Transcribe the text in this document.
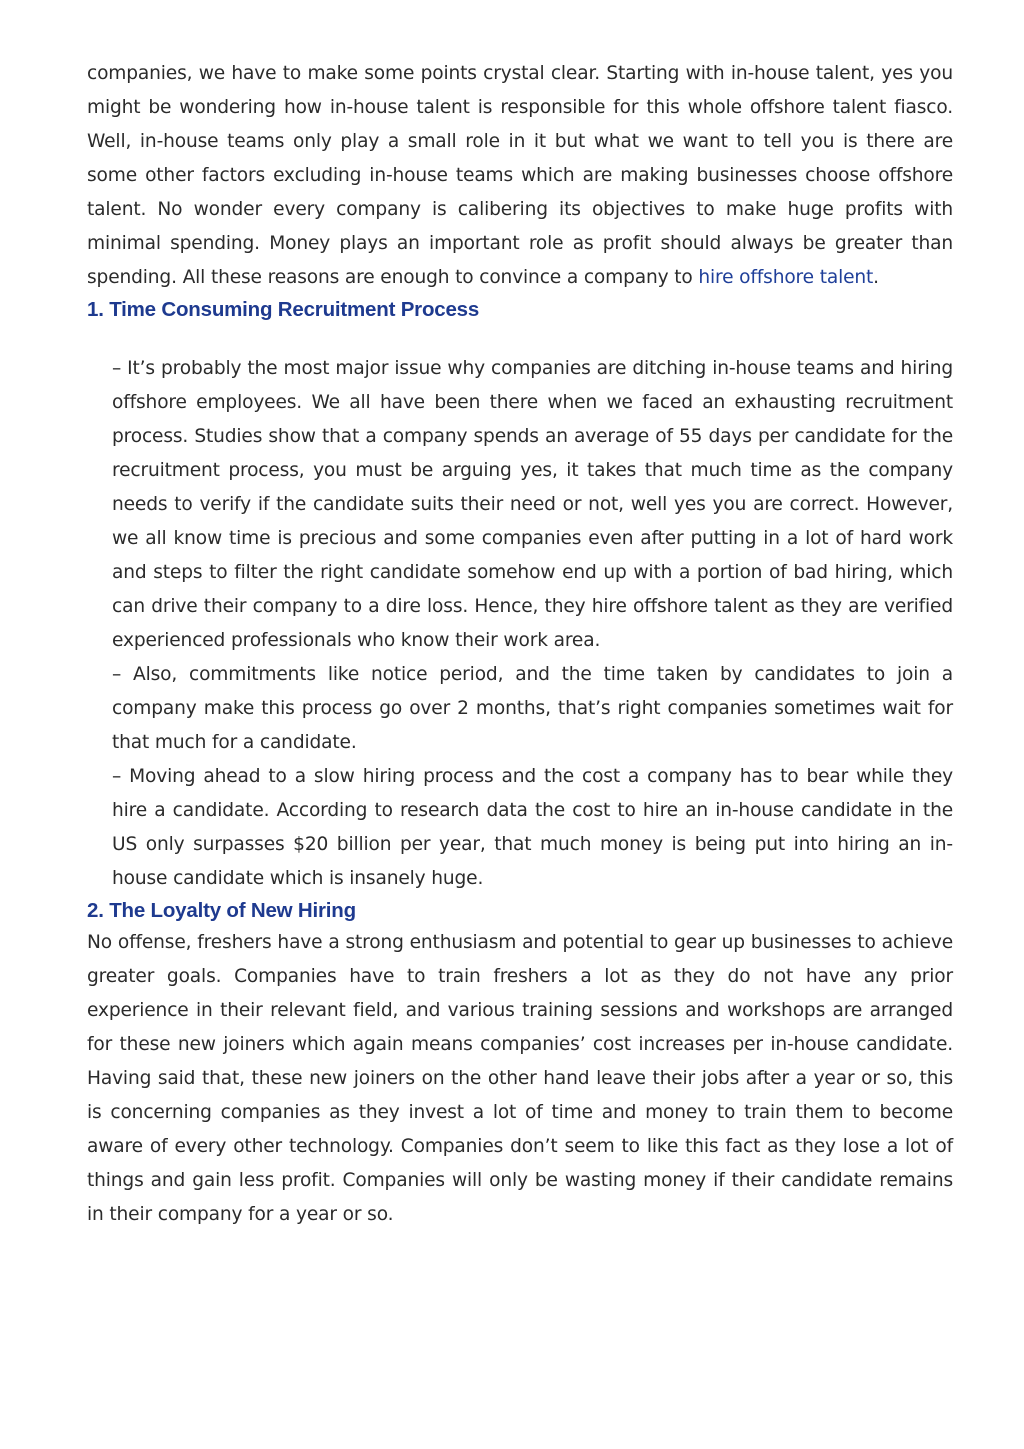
companies, we have to make some points crystal clear. Starting with in-house talent, yes you might be wondering how in-house talent is responsible for this whole offshore talent fiasco. Well, in-house teams only play a small role in it but what we want to tell you is there are some other factors excluding in-house teams which are making businesses choose offshore talent. No wonder every company is calibering its objectives to make huge profits with minimal spending. Money plays an important role as profit should always be greater than spending. All these reasons are enough to convince a company to hire offshore talent.

1. Time Consuming Recruitment Process

– It’s probably the most major issue why companies are ditching in-house teams and hiring offshore employees. We all have been there when we faced an exhausting recruitment process. Studies show that a company spends an average of 55 days per candidate for the recruitment process, you must be arguing yes, it takes that much time as the company needs to verify if the candidate suits their need or not, well yes you are correct. However, we all know time is precious and some companies even after putting in a lot of hard work and steps to filter the right candidate somehow end up with a portion of bad hiring, which can drive their company to a dire loss. Hence, they hire offshore talent as they are verified experienced professionals who know their work area.

– Also, commitments like notice period, and the time taken by candidates to join a company make this process go over 2 months, that’s right companies sometimes wait for that much for a candidate.

– Moving ahead to a slow hiring process and the cost a company has to bear while they hire a candidate. According to research data the cost to hire an in-house candidate in the US only surpasses $20 billion per year, that much money is being put into hiring an in-house candidate which is insanely huge.

2. The Loyalty of New Hiring

No offense, freshers have a strong enthusiasm and potential to gear up businesses to achieve greater goals. Companies have to train freshers a lot as they do not have any prior experience in their relevant field, and various training sessions and workshops are arranged for these new joiners which again means companies’ cost increases per in-house candidate. Having said that, these new joiners on the other hand leave their jobs after a year or so, this is concerning companies as they invest a lot of time and money to train them to become aware of every other technology. Companies don’t seem to like this fact as they lose a lot of things and gain less profit. Companies will only be wasting money if their candidate remains in their company for a year or so.
